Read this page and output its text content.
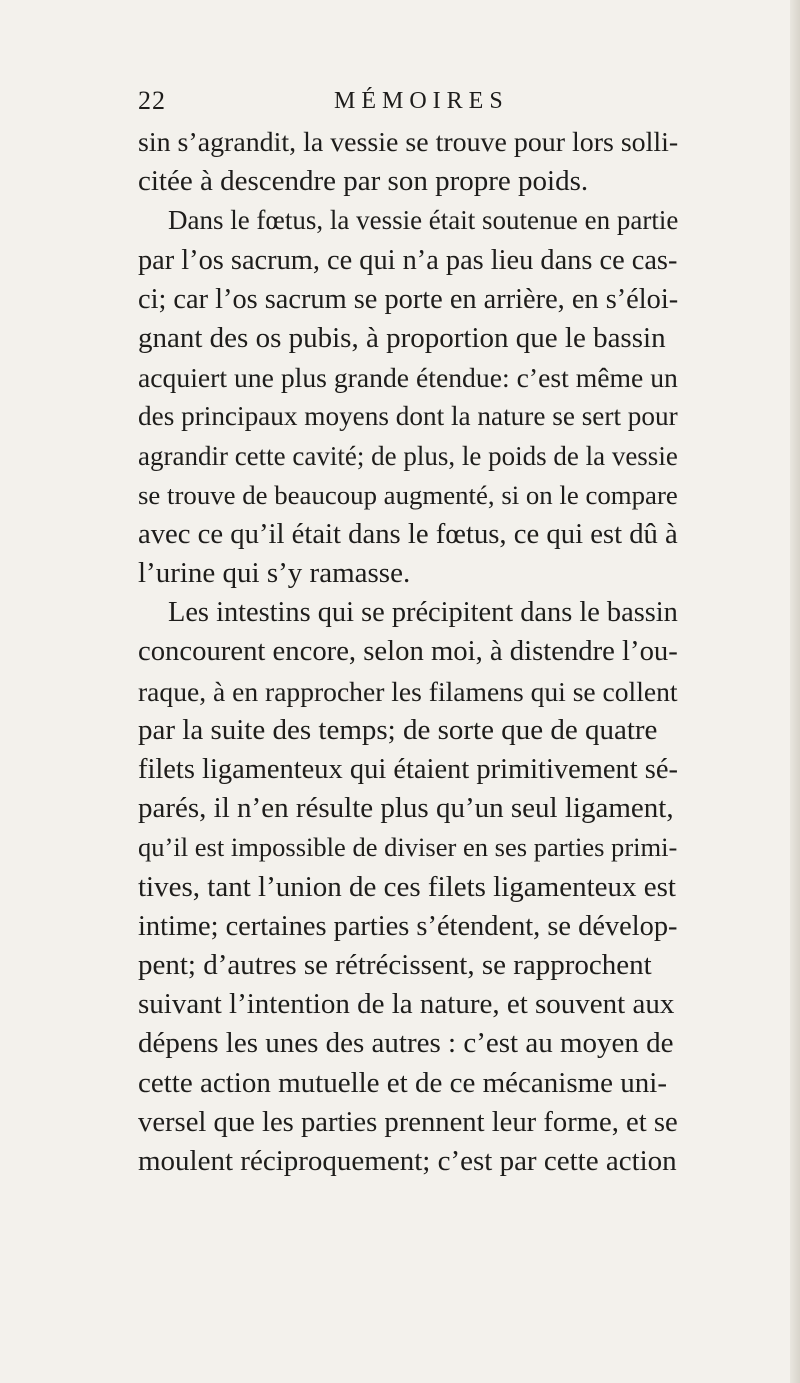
22	MÉMOIRES
sin s’agrandit, la vessie se trouve pour lors solli-
citée à descendre par son propre poids.
Dans le fœtus, la vessie était soutenue en partie
par l’os sacrum, ce qui n’a pas lieu dans ce cas-
ci; car l’os sacrum se porte en arrière, en s’éloi-
gnant des os pubis, à proportion que le bassin
acquiert une plus grande étendue: c’est même un
des principaux moyens dont la nature se sert pour
agrandir cette cavité; de plus, le poids de la vessie
se trouve de beaucoup augmenté, si on le compare
avec ce qu’il était dans le fœtus, ce qui est dû à
l’urine qui s’y ramasse.
Les intestins qui se précipitent dans le bassin
concourent encore, selon moi, à distendre l’ou-
raque, à en rapprocher les filamens qui se collent
par la suite des temps; de sorte que de quatre
filets ligamenteux qui étaient primitivement sé-
parés, il n’en résulte plus qu’un seul ligament,
qu’il est impossible de diviser en ses parties primi-
tives, tant l’union de ces filets ligamenteux est
intime; certaines parties s’étendent, se dévelop-
pent; d’autres se rétrécissent, se rapprochent
suivant l’intention de la nature, et souvent aux
dépens les unes des autres : c’est au moyen de
cette action mutuelle et de ce mécanisme uni-
versel que les parties prennent leur forme, et se
moulent réciproquement; c’est par cette action
